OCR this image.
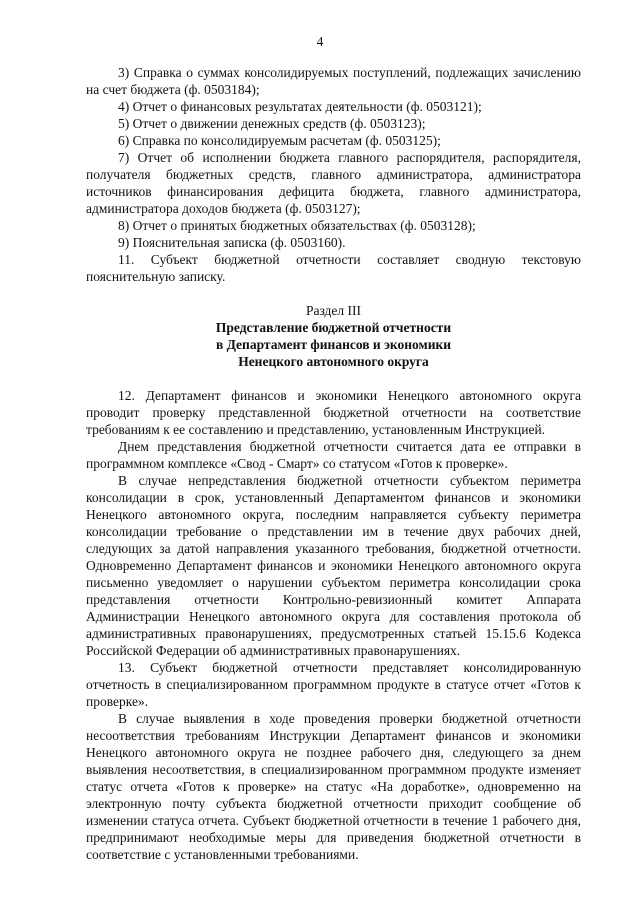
4

3) Справка о суммах консолидируемых поступлений, подлежащих зачислению на счет бюджета (ф. 0503184);

4) Отчет о финансовых результатах деятельности (ф. 0503121);

5) Отчет о движении денежных средств (ф. 0503123);

6) Справка по консолидируемым расчетам (ф. 0503125);

7) Отчет об исполнении бюджета главного распорядителя, распорядителя, получателя бюджетных средств, главного администратора, администратора источников финансирования дефицита бюджета, главного администратора, администратора доходов бюджета (ф. 0503127);

8) Отчет о принятых бюджетных обязательствах (ф. 0503128);

9) Пояснительная записка (ф. 0503160).

11. Субъект бюджетной отчетности составляет сводную текстовую пояснительную записку.

Раздел III
Представление бюджетной отчетности
в Департамент финансов и экономики
Ненецкого автономного округа

12. Департамент финансов и экономики Ненецкого автономного округа проводит проверку представленной бюджетной отчетности на соответствие требованиям к ее составлению и представлению, установленным Инструкцией.

Днем представления бюджетной отчетности считается дата ее отправки в программном комплексе «Свод - Смарт» со статусом «Готов к проверке».

В случае непредставления бюджетной отчетности субъектом периметра консолидации в срок, установленный Департаментом финансов и экономики Ненецкого автономного округа, последним направляется субъекту периметра консолидации требование о представлении им в течение двух рабочих дней, следующих за датой направления указанного требования, бюджетной отчетности. Одновременно Департамент финансов и экономики Ненецкого автономного округа письменно уведомляет о нарушении субъектом периметра консолидации срока представления отчетности Контрольно-ревизионный комитет Аппарата Администрации Ненецкого автономного округа для составления протокола об административных правонарушениях, предусмотренных статьей 15.15.6 Кодекса Российской Федерации об административных правонарушениях.

13. Субъект бюджетной отчетности представляет консолидированную отчетность в специализированном программном продукте в статусе отчет «Готов к проверке».

В случае выявления в ходе проведения проверки бюджетной отчетности несоответствия требованиям Инструкции Департамент финансов и экономики Ненецкого автономного округа не позднее рабочего дня, следующего за днем выявления несоответствия, в специализированном программном продукте изменяет статус отчета «Готов к проверке» на статус «На доработке», одновременно на электронную почту субъекта бюджетной отчетности приходит сообщение об изменении статуса отчета. Субъект бюджетной отчетности в течение 1 рабочего дня, предпринимают необходимые меры для приведения бюджетной отчетности в соответствие с установленными требованиями.
